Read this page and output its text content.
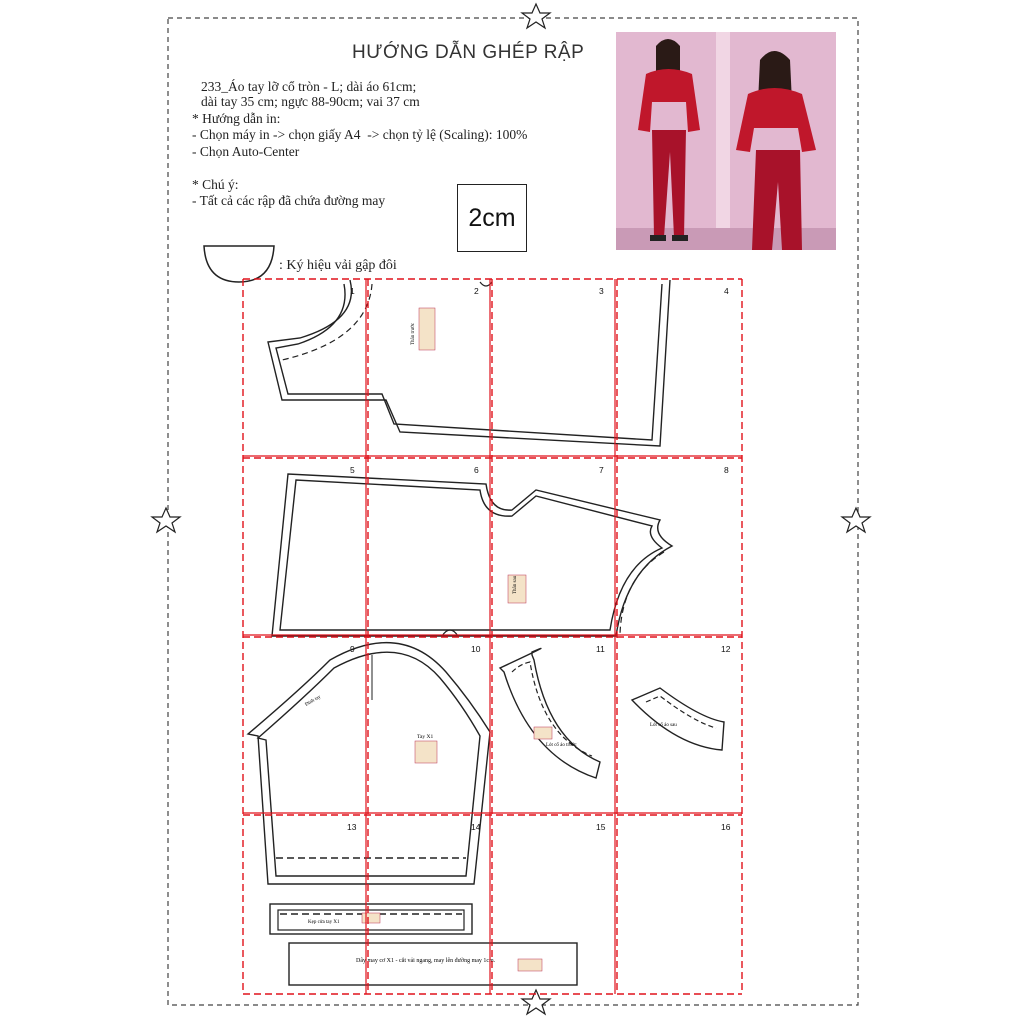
HƯỚNG DẪN GHÉP RẬP
233_Áo tay lỡ cổ tròn - L; dài áo 61cm;
dài tay 35 cm; ngực 88-90cm; vai 37 cm
* Hướng dẫn in:
- Chọn máy in -> chọn giấy A4  -> chọn tỷ lệ (Scaling): 100%
- Chọn Auto-Center
* Chú ý:
- Tất cả các rập đã chứa đường may
2cm
: Ký hiệu vải gập đôi
Thân trước
Thân sau
Đỉnh tay
Tay X1
Lót cổ áo trước
Lót cổ áo sau
Kẹp cửa tay X1
Dây may cơ X1 - cắt vải ngang, may lên đường may 1cm.
1	2	3	4
5	6	7	8
9	10	11	12
13	14	15	16
